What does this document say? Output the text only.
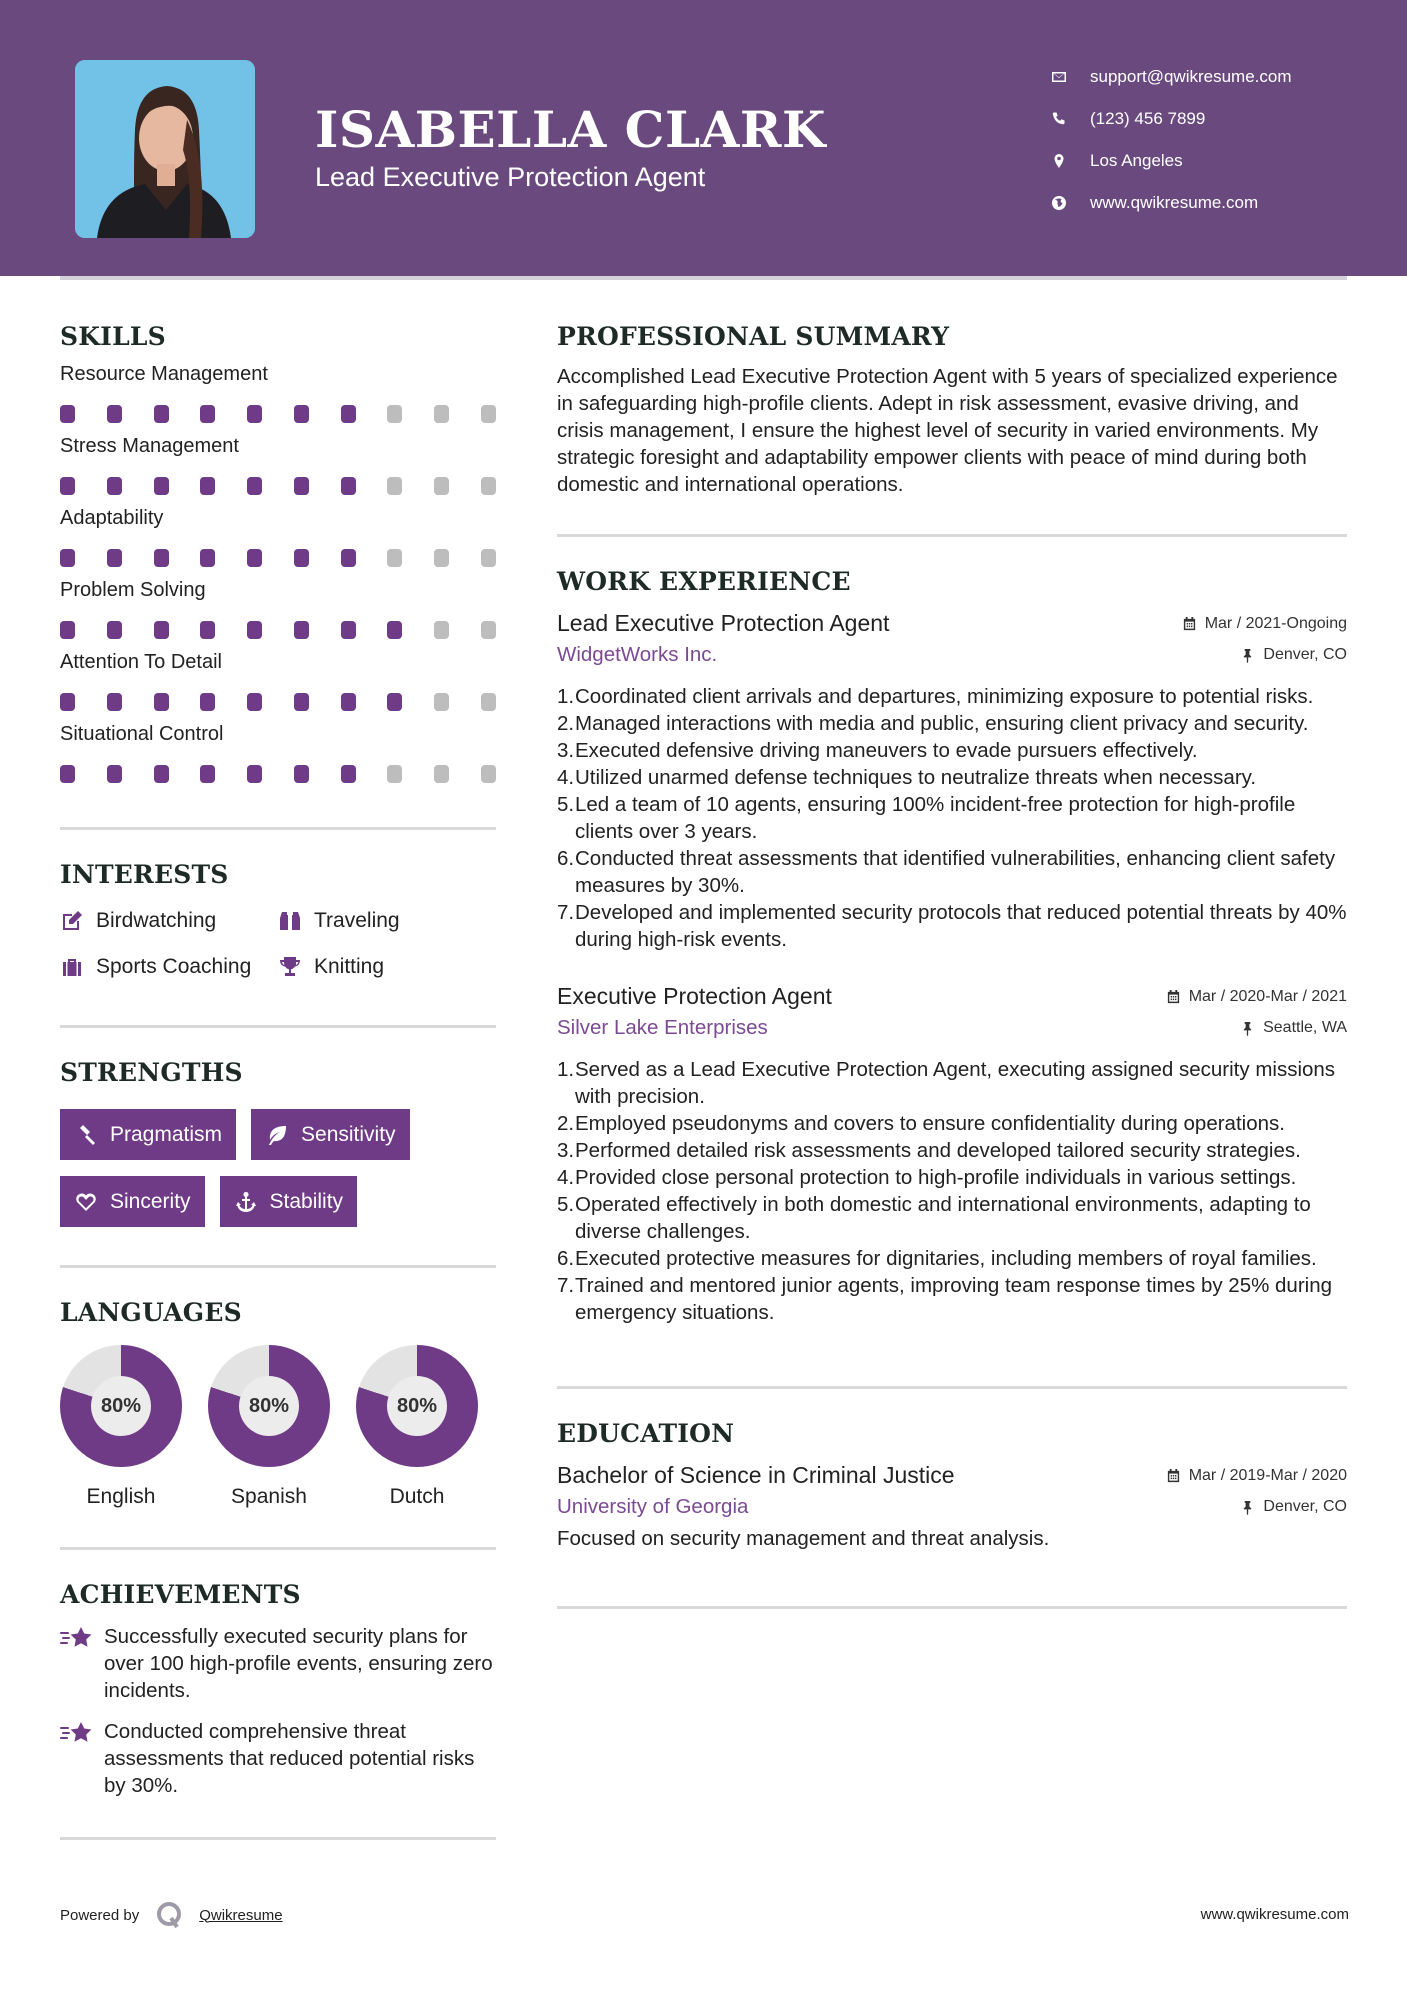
ISABELLA CLARK
Lead Executive Protection Agent
support@qwikresume.com
(123) 456 7899
Los Angeles
www.qwikresume.com
SKILLS
Resource Management
Stress Management
Adaptability
Problem Solving
Attention To Detail
Situational Control
INTERESTS
Birdwatching	Traveling
Sports Coaching	Knitting
STRENGTHS
Pragmatism	Sensitivity
Sincerity	Stability
LANGUAGES
80%
English
80%
Spanish
80%
Dutch
ACHIEVEMENTS
Successfully executed security plans for over 100 high-profile events, ensuring zero incidents.
Conducted comprehensive threat assessments that reduced potential risks by 30%.
PROFESSIONAL SUMMARY

Accomplished Lead Executive Protection Agent with 5 years of specialized experience in safeguarding high-profile clients. Adept in risk assessment, evasive driving, and crisis management, I ensure the highest level of security in varied environments. My strategic foresight and adaptability empower clients with peace of mind during both domestic and international operations.

WORK EXPERIENCE
Lead Executive Protection Agent	Mar / 2021-Ongoing
WidgetWorks Inc.	Denver, CO
1. Coordinated client arrivals and departures, minimizing exposure to potential risks.
2. Managed interactions with media and public, ensuring client privacy and security.
3. Executed defensive driving maneuvers to evade pursuers effectively.
4. Utilized unarmed defense techniques to neutralize threats when necessary.
5. Led a team of 10 agents, ensuring 100% incident-free protection for high-profile clients over 3 years.
6. Conducted threat assessments that identified vulnerabilities, enhancing client safety measures by 30%.
7. Developed and implemented security protocols that reduced potential threats by 40% during high-risk events.
Executive Protection Agent	Mar / 2020-Mar / 2021
Silver Lake Enterprises	Seattle, WA
1. Served as a Lead Executive Protection Agent, executing assigned security missions with precision.
2. Employed pseudonyms and covers to ensure confidentiality during operations.
3. Performed detailed risk assessments and developed tailored security strategies.
4. Provided close personal protection to high-profile individuals in various settings.
5. Operated effectively in both domestic and international environments, adapting to diverse challenges.
6. Executed protective measures for dignitaries, including members of royal families.
7. Trained and mentored junior agents, improving team response times by 25% during emergency situations.
EDUCATION
Bachelor of Science in Criminal Justice	Mar / 2019-Mar / 2020
University of Georgia	Denver, CO

Focused on security management and threat analysis.

Powered by	Qwikresume	www.qwikresume.com
